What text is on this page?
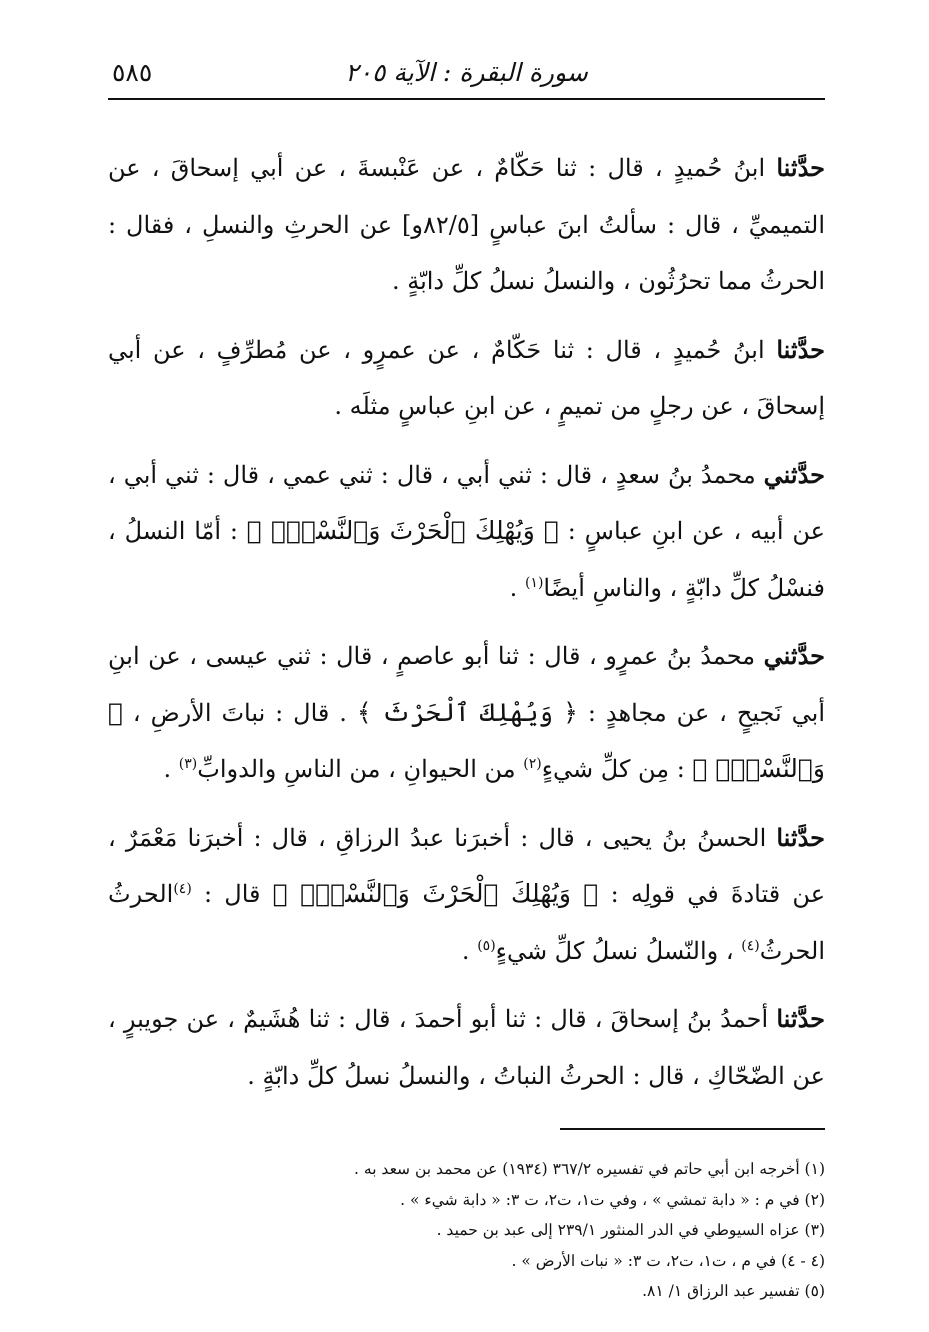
سورة البقرة : الآية ٢٠٥
٥٨٥

حدَّثنا ابنُ حُميدٍ ، قال : ثنا حَكّامٌ ، عن عَنْبسةَ ، عن أبي إسحاقَ ، عن التميميِّ ، قال : سألتُ ابنَ عباسٍ [٨٢/٥و] عن الحرثِ والنسلِ ، فقال : الحرثُ مما تحرُثُون ، والنسلُ نسلُ كلِّ دابّةٍ .

حدَّثنا ابنُ حُميدٍ ، قال : ثنا حَكّامٌ ، عن عمرٍو ، عن مُطرِّفٍ ، عن أبي إسحاقَ ، عن رجلٍ من تميمٍ ، عن ابنِ عباسٍ مثلَه .

حدَّثني محمدُ بنُ سعدٍ ، قال : ثني أبي ، قال : ثني عمي ، قال : ثني أبي ، عن أبيه ، عن ابنِ عباسٍ : ﴿ وَيُهْلِكَ ٱلْحَرْثَ وَٱلنَّسْلَۗ ﴾ : أمّا النسلُ ، فنسْلُ كلِّ دابّةٍ ، والناسِ أيضًا$^{(١)}$ .

حدَّثني محمدُ بنُ عمرٍو ، قال : ثنا أبو عاصمٍ ، قال : ثني عيسى ، عن ابنِ أبي نَجيحٍ ، عن مجاهدٍ : ﴿ وَيُهْلِكَ ٱلْحَرْثَ ﴾ . قال : نباتَ الأرضِ ، ﴿ وَٱلنَّسْلَۗ ﴾ : مِن كلِّ شيءٍ$^{(٢)}$ من الحيوانِ ، من الناسِ والدوابِّ$^{(٣)}$ .

حدَّثنا الحسنُ بنُ يحيى ، قال : أخبرَنا عبدُ الرزاقِ ، قال : أخبرَنا مَعْمَرٌ ، عن قتادةَ في قولِه : ﴿ وَيُهْلِكَ ٱلْحَرْثَ وَٱلنَّسْلَۗ ﴾ قال : $^{(٤)}$الحرثُ الحرثُ$^{(٤)}$ ، والنّسلُ نسلُ كلِّ شيءٍ$^{(٥)}$ .

حدَّثنا أحمدُ بنُ إسحاقَ ، قال : ثنا أبو أحمدَ ، قال : ثنا هُشَيمٌ ، عن جويبرٍ ، عن الضّحّاكِ ، قال : الحرثُ النباتُ ، والنسلُ نسلُ كلِّ دابّةٍ .

(١) أخرجه ابن أبي حاتم في تفسيره ٣٦٧/٢ (١٩٣٤) عن محمد بن سعد به .

(٢) في م : « دابة تمشي » ، وفي ت١، ت٢، ت ٣: « دابة شيء » .

(٣) عزاه السيوطي في الدر المنثور ٢٣٩/١ إلى عبد بن حميد .

(٤ - ٤) في م ، ت١، ت٢، ت ٣: « نبات الأرض » .

(٥) تفسير عبد الرزاق ١/ ٨١.
